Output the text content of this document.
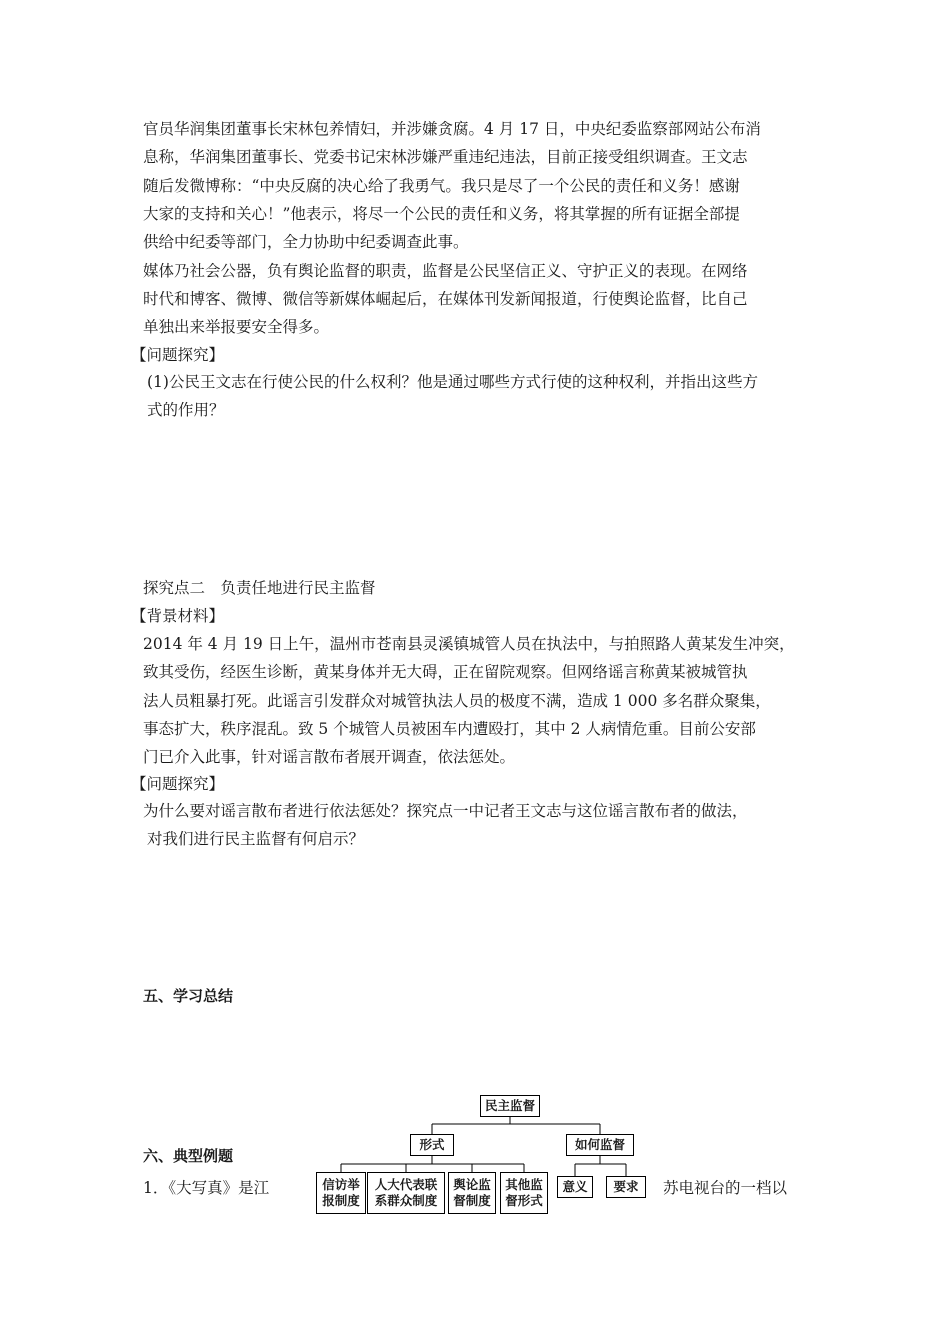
官员华润集团董事长宋林包养情妇，并涉嫌贪腐。4 月 17 日，中央纪委监察部网站公布消
息称，华润集团董事长、党委书记宋林涉嫌严重违纪违法，目前正接受组织调查。王文志
随后发微博称：“中央反腐的决心给了我勇气。我只是尽了一个公民的责任和义务！感谢
大家的支持和关心！”他表示，将尽一个公民的责任和义务，将其掌握的所有证据全部提
供给中纪委等部门，全力协助中纪委调查此事。
媒体乃社会公器，负有舆论监督的职责，监督是公民坚信正义、守护正义的表现。在网络
时代和博客、微博、微信等新媒体崛起后，在媒体刊发新闻报道，行使舆论监督，比自己
单独出来举报要安全得多。
【问题探究】
(1)公民王文志在行使公民的什么权利？他是通过哪些方式行使的这种权利，并指出这些方
式的作用？
探究点二　负责任地进行民主监督
【背景材料】
2014 年 4 月 19 日上午，温州市苍南县灵溪镇城管人员在执法中，与拍照路人黄某发生冲突，
致其受伤，经医生诊断，黄某身体并无大碍，正在留院观察。但网络谣言称黄某被城管执
法人员粗暴打死。此谣言引发群众对城管执法人员的极度不满，造成 1 000 多名群众聚集，
事态扩大，秩序混乱。致 5 个城管人员被困车内遭殴打，其中 2 人病情危重。目前公安部
门已介入此事，针对谣言散布者展开调查，依法惩处。
【问题探究】
为什么要对谣言散布者进行依法惩处？探究点一中记者王文志与这位谣言散布者的做法，
对我们进行民主监督有何启示？
五、学习总结
六、典型例题
1．《大写真》是江	苏电视台的一档以
民主监督
形式	如何监督
信访举
报制度
人大代表联
系群众制度
舆论监
督制度
其他监
督形式
意义	要求
